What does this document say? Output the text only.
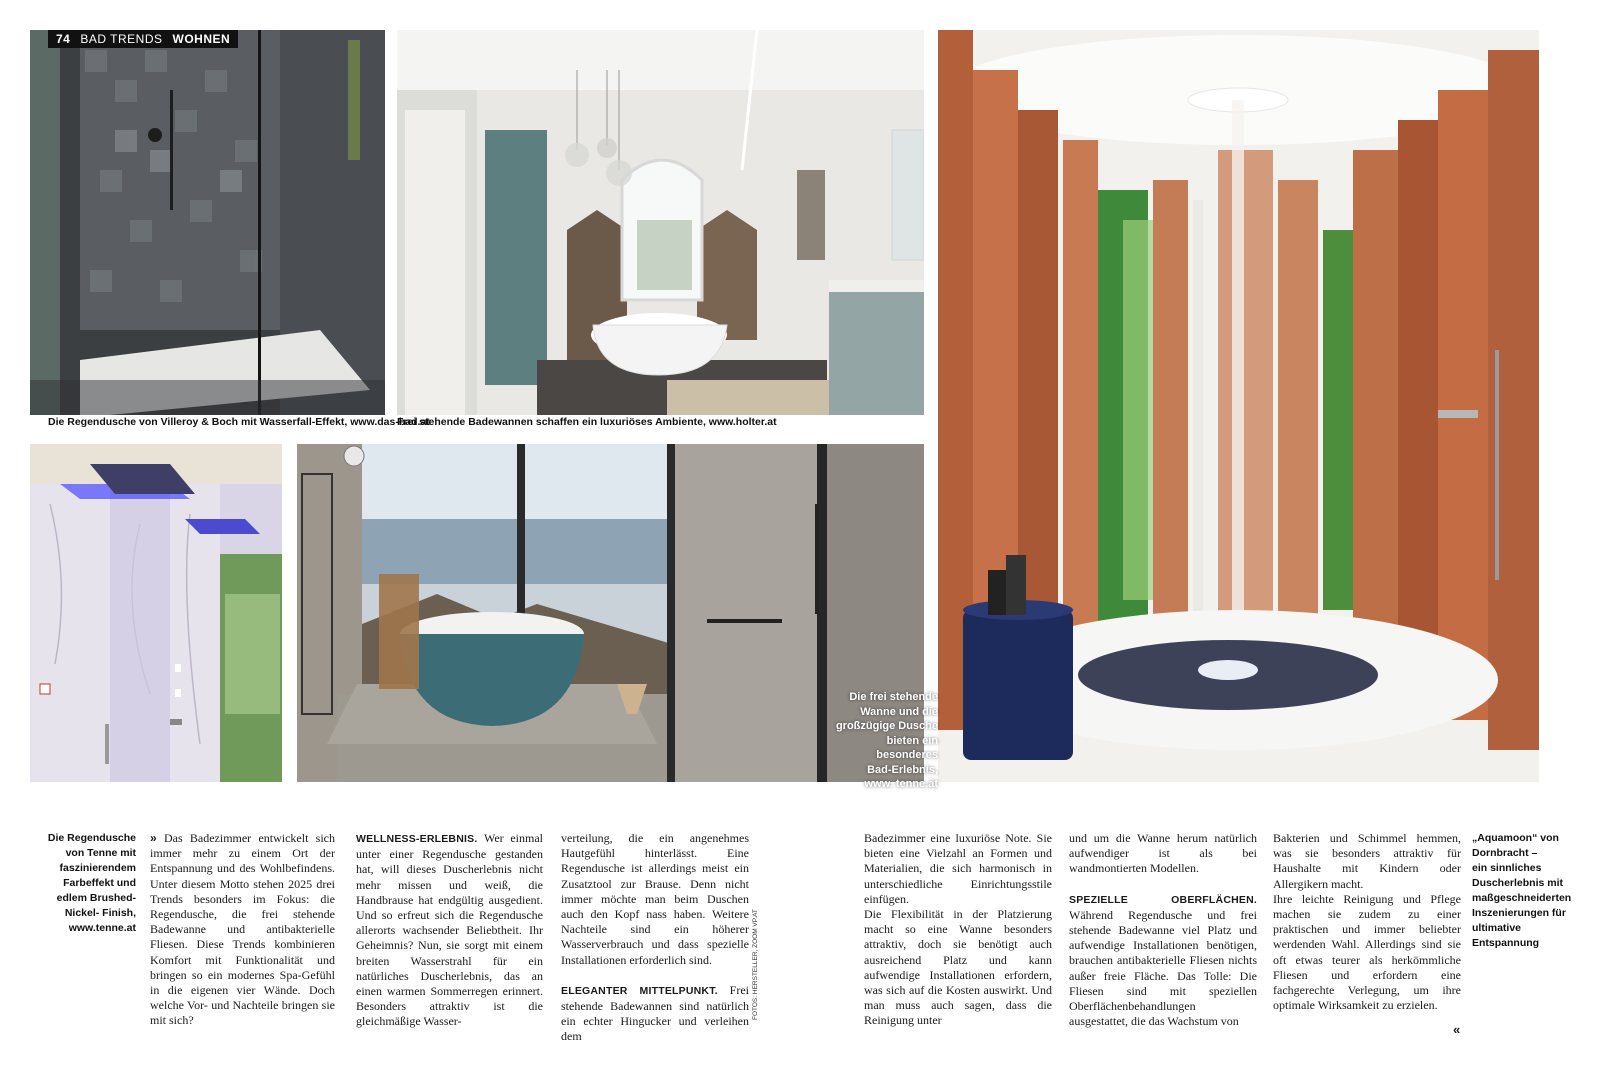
74 BAD TRENDS WOHNEN
Die Regendusche von Villeroy & Boch mit Wasserfall-Effekt, www.das-bad.at
Frei stehende Badewannen schaffen ein luxuriöses Ambiente, www.holter.at
Die frei stehende
Wanne und die
großzügige Dusche
bieten ein
besonderes
Bad-Erlebnis,
www. tenne.at
Die Regendusche
von Tenne mit
faszinierendem
Farbeffekt und
edlem Brushed-
Nickel- Finish,
www.tenne.at
„Aquamoon“ von
Dornbracht –
ein sinnliches
Duscherlebnis mit
maßgeschneiderten
Inszenierungen für
ultimative
Entspannung

» Das Badezimmer entwickelt sich immer mehr zu einem Ort der Entspannung und des Wohlbefindens. Unter diesem Motto stehen 2025 drei Trends besonders im Fokus: die Regendusche, die frei stehende Badewanne und antibakterielle Fliesen. Diese Trends kombinieren Komfort mit Funktionalität und bringen so ein modernes Spa-Gefühl in die eigenen vier Wände. Doch welche Vor- und Nachteile bringen sie mit sich?

WELLNESS-ERLEBNIS. Wer einmal unter einer Regendusche gestanden hat, will dieses Duscherlebnis nicht mehr missen und weiß, die Handbrause hat endgültig ausgedient. Und so erfreut sich die Regendusche allerorts wachsender Beliebtheit. Ihr Geheimnis? Nun, sie sorgt mit einem breiten Wasserstrahl für ein natürliches Duscherlebnis, das an einen warmen Sommerregen erinnert. Besonders attraktiv ist die gleichmäßige Wasser-

verteilung, die ein angenehmes Hautgefühl hinterlässt. Eine Regendusche ist allerdings meist ein Zusatztool zur Brause. Denn nicht immer möchte man beim Duschen auch den Kopf nass haben. Weitere Nachteile sind ein höherer Wasserverbrauch und dass spezielle Installationen erforderlich sind.

ELEGANTER MITTELPUNKT. Frei stehende Badewannen sind natürlich ein echter Hingucker und verleihen dem

FOTOS: HERSTELLER, ZOOM VP.AT

Badezimmer eine luxuriöse Note. Sie bieten eine Vielzahl an Formen und Materialien, die sich harmonisch in unterschiedliche Einrichtungsstile einfügen.

Die Flexibilität in der Platzierung macht so eine Wanne besonders attraktiv, doch sie benötigt auch ausreichend Platz und kann aufwendige Installationen erfordern, was sich auf die Kosten auswirkt. Und man muss auch sagen, dass die Reinigung unter

und um die Wanne herum natürlich aufwendiger ist als bei wandmontierten Modellen.

SPEZIELLE OBERFLÄCHEN. Während Regendusche und frei stehende Badewanne viel Platz und aufwendige Installationen benötigen, brauchen antibakterielle Fliesen nichts außer freie Fläche. Das Tolle: Die Fliesen sind mit speziellen Oberflächenbehandlungen ausgestattet, die das Wachstum von

Bakterien und Schimmel hemmen, was sie besonders attraktiv für Haushalte mit Kindern oder Allergikern macht.

Ihre leichte Reinigung und Pflege machen sie zudem zu einer praktischen und immer beliebter werdenden Wahl. Allerdings sind sie oft etwas teurer als herkömmliche Fliesen und erfordern eine fachgerechte Verlegung, um ihre optimale Wirksamkeit zu erzielen.

«
